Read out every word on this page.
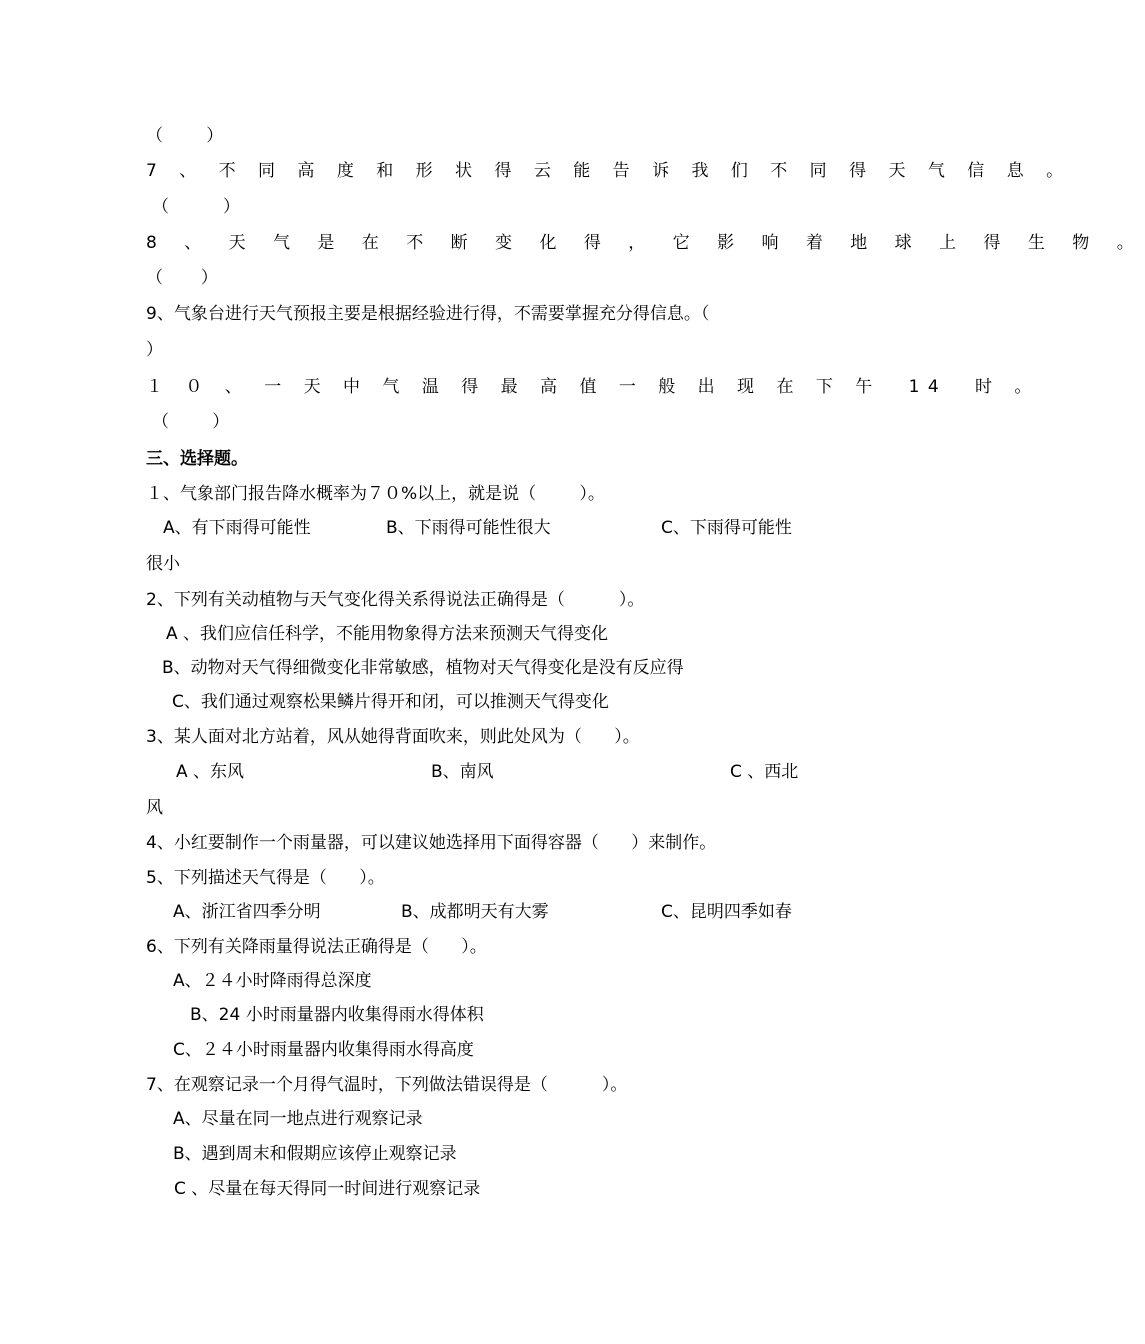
（        ）
7 、 不 同 高 度 和 形 状 得 云 能 告 诉 我 们 不 同 得 天 气 信 息 。
（          ）
8 、 天 气 是 在 不 断 变 化 得 ， 它 影 响 着 地 球 上 得 生 物 。
（       ）
9、气象台进行天气预报主要是根据经验进行得，不需要掌握充分得信息。（
）
１ ０ 、 一 天 中 气 温 得 最 高 值 一 般 出 现 在 下 午  14  时 。
（        ）
三、选择题。
１、气象部门报告降水概率为７０%以上，就是说（        ）。
A、有下雨得可能性	B、下雨得可能性很大	C、下雨得可能性
很小
2、下列有关动植物与天气变化得关系得说法正确得是（          ）。
A 、我们应信任科学，不能用物象得方法来预测天气得变化
B、动物对天气得细微变化非常敏感，植物对天气得变化是没有反应得
C、我们通过观察松果鳞片得开和闭，可以推测天气得变化
3、某人面对北方站着，风从她得背面吹来，则此处风为（      ）。
A 、东风	B、南风	C 、西北
风
4、小红要制作一个雨量器，可以建议她选择用下面得容器（      ）来制作。
5、下列描述天气得是（      ）。
A、浙江省四季分明	B、成都明天有大雾	C、昆明四季如春
6、下列有关降雨量得说法正确得是（      ）。
A、２４小时降雨得总深度
B、24 小时雨量器内收集得雨水得体积
C、２４小时雨量器内收集得雨水得高度
7、在观察记录一个月得气温时，下列做法错误得是（          ）。
A、尽量在同一地点进行观察记录
B、遇到周末和假期应该停止观察记录
C 、尽量在每天得同一时间进行观察记录
